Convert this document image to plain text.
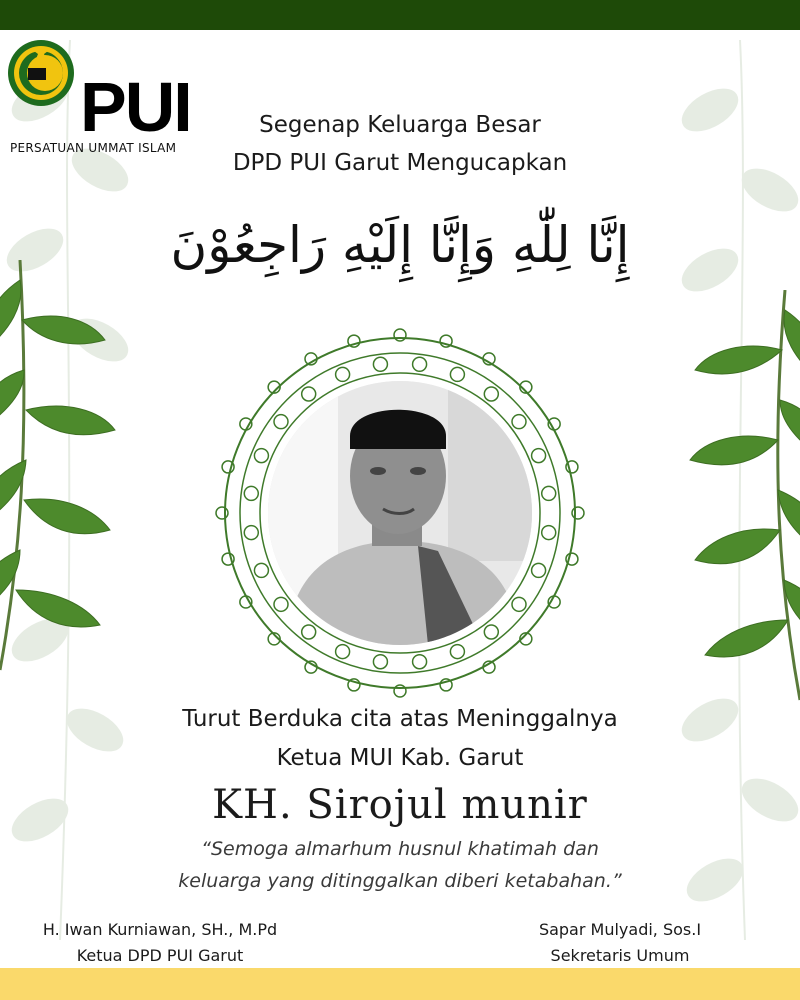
PUI
PERSATUAN UMMAT ISLAM
Segenap Keluarga Besar
DPD PUI Garut Mengucapkan
إِنَّا لِلّٰهِ وَإِنَّا إِلَيْهِ رَاجِعُوْنَ
Turut Berduka cita atas Meninggalnya
Ketua MUI Kab. Garut
KH. Sirojul munir
“Semoga almarhum husnul khatimah dan
keluarga yang ditinggalkan diberi ketabahan.”
H. Iwan Kurniawan, SH., M.Pd
Ketua DPD PUI Garut
Sapar Mulyadi, Sos.I
Sekretaris Umum
